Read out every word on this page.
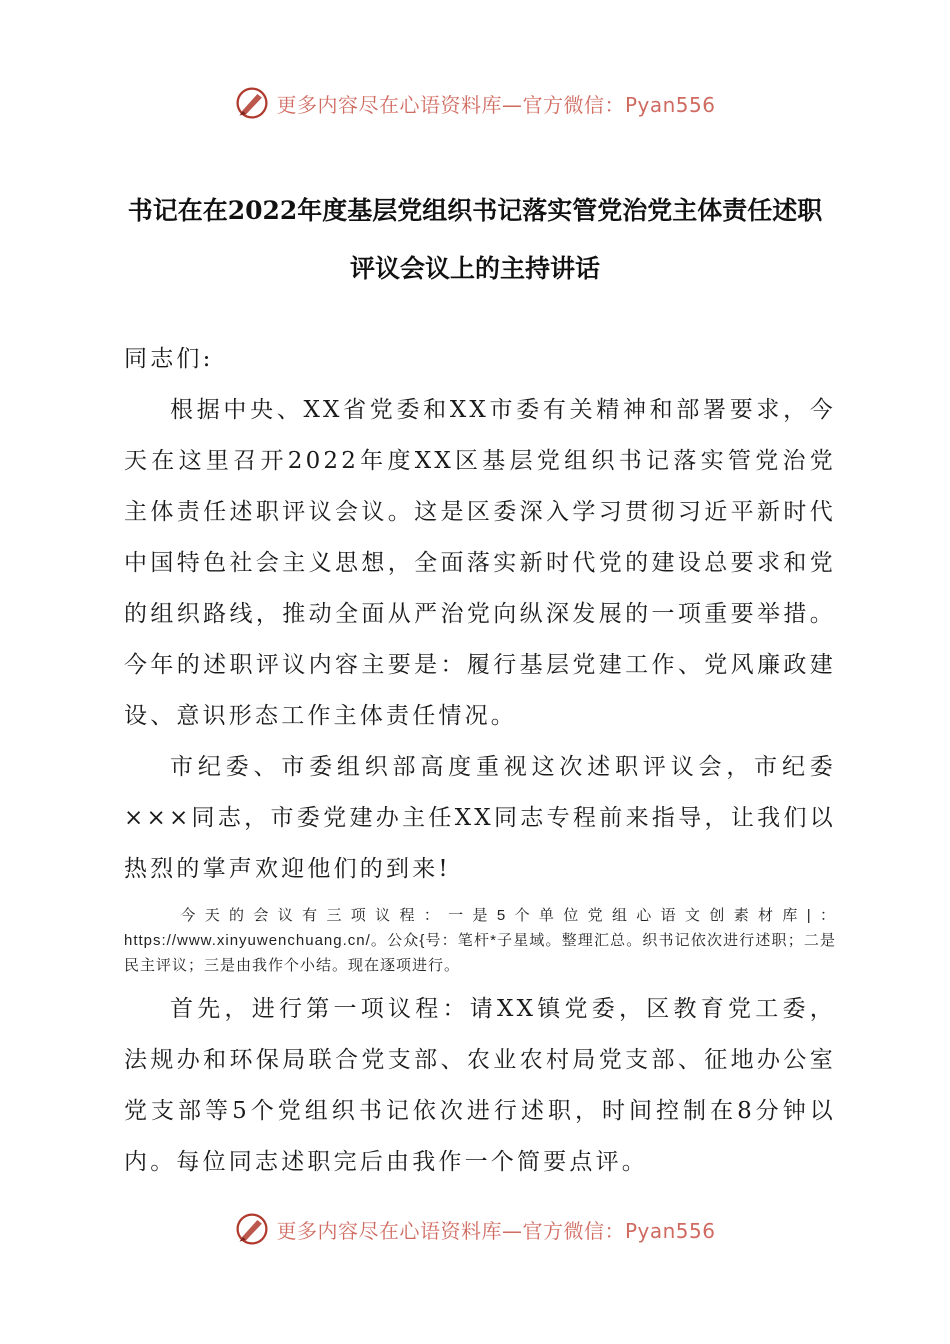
更多内容尽在心语资料库—官方微信：Pyan556
书记在在2022年度基层党组织书记落实管党治党主体责任述职
评议会议上的主持讲话

同志们:

根据中央、XX省党委和XX市委有关精神和部署要求，今天在这里召开2022年度XX区基层党组织书记落实管党治党主体责任述职评议会议。这是区委深入学习贯彻习近平新时代中国特色社会主义思想，全面落实新时代党的建设总要求和党的组织路线，推动全面从严治党向纵深发展的一项重要举措。今年的述职评议内容主要是：履行基层党建工作、党风廉政建设、意识形态工作主体责任情况。

市纪委、市委组织部高度重视这次述职评议会，市纪委×××同志，市委党建办主任XX同志专程前来指导，让我们以热烈的掌声欢迎他们的到来!

今天的会议有三项议程：一是5个单位党组心语文创素材库|：https://www.xinyuwenchuang.cn/。公众{号：笔杆*子星域。整理汇总。织书记依次进行述职；二是民主评议；三是由我作个小结。现在逐项进行。

首先，进行第一项议程：请XX镇党委，区教育党工委，法规办和环保局联合党支部、农业农村局党支部、征地办公室党支部等5个党组织书记依次进行述职，时间控制在8分钟以内。每位同志述职完后由我作一个简要点评。

更多内容尽在心语资料库—官方微信：Pyan556
